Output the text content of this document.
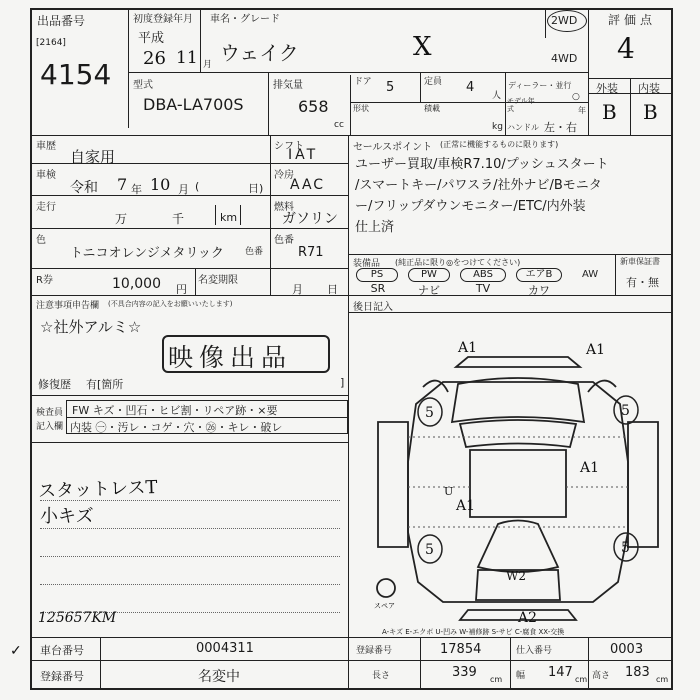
出品番号
[2164]
4154
初度登録年月
平成
26 11 月
車名・グレード
ウェイク	X
2WD
4WD
評価点
4
型式
DBA-LA700S
排気量
658
cc
ドア 5	定員 4
人
ディーラー・並行
○
形状	積載
kg
モデル年式	年
ハンドル 左・右
外装 内装
B B
車歴
自家用
車検
令和 7 年 10 月 (	日)
走行
万	千	km
色
トニコオレンジメタリック 色番
シフト
IAT
冷房
AAC
燃料
ガソリン
色番
R71
R券	10,000 円
名変期限
月 日
セールスポイント (正常に機能するものに限ります)
ユーザー買取/車検R7.10/プッシュスタート
/スマートキー/パワスラ/社外ナビ/Bモニタ
ー/フリップダウンモニター/ETC/内外装
仕上済
装備品 (純正品に限り◎をつけてください)
PS	PW	ABS	エアB	AW
SR	ナビ	TV	カワ
新車保証書
有・無
注意事項申告欄 (不具合内容の記入をお願いいたします)
☆社外アルミ☆
映像出品
修復歴 有[箇所	]
後日記入
検査員
記入欄
FW キズ・凹石・ヒビ割・リペア跡・×要
内装 ㊀・汚レ・コゲ・穴・㉖・キレ・破レ
スタットレスT
小キズ
125657KM
A1	A1
5	5
A1
U
A1
5	5
W2
A2
スペア
A-キズ E-エクボ U-凹み W-補修跡 S-サビ C-腐食 XX-交換
車台番号	0004311
登録番号	名変中
✓	登録番号	17854	仕入番号	0003
長さ	339 cm 幅 147 cm 高さ 183 cm
